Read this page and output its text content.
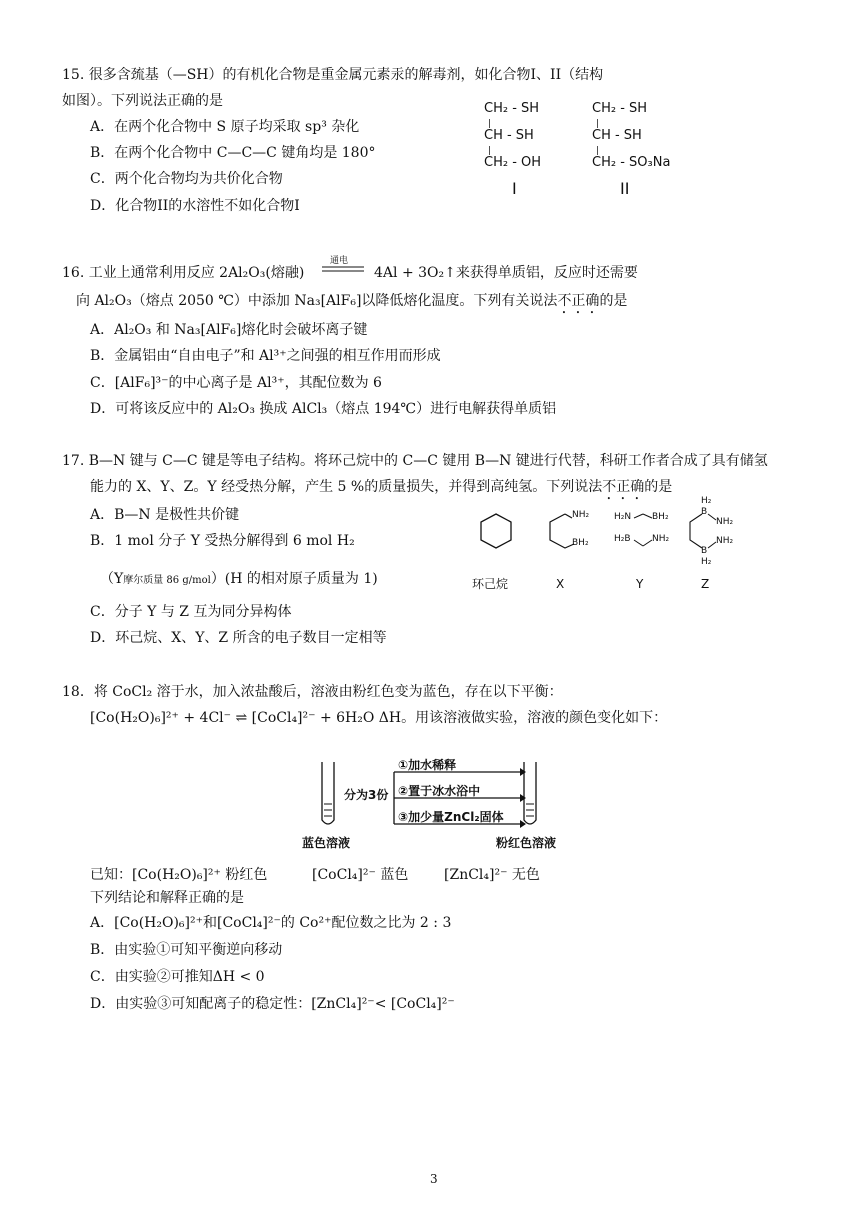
15. 很多含巯基（—SH）的有机化合物是重金属元素汞的解毒剂，如化合物I、II（结构
如图）。下列说法正确的是
A．在两个化合物中 S 原子均采取 sp³ 杂化
B．在两个化合物中 C—C—C 键角均是 180°
C．两个化合物均为共价化合物
D．化合物II的水溶性不如化合物I
CH₂ - SH
|
CH - SH
|
CH₂ - OH
I
CH₂ - SH
|
CH - SH
|
CH₂ - SO₃Na
II
16. 工业上通常利用反应 2Al₂O₃(熔融)
通电
4Al + 3O₂↑来获得单质铝，反应时还需要
向 Al₂O₃（熔点 2050 ℃）中添加 Na₃[AlF₆]以降低熔化温度。下列有关说法不正确的是
A．Al₂O₃ 和 Na₃[AlF₆]熔化时会破坏离子键
B．金属铝由“自由电子”和 Al³⁺之间强的相互作用而形成
C．[AlF₆]³⁻的中心离子是 Al³⁺，其配位数为 6
D．可将该反应中的 Al₂O₃ 换成 AlCl₃（熔点 194℃）进行电解获得单质铝
17. B—N 键与 C—C 键是等电子结构。将环己烷中的 C—C 键用 B—N 键进行代替，科研工作者合成了具有储氢
能力的 X、Y、Z。Y 经受热分解，产生 5 %的质量损失，并得到高纯氢。下列说法不正确的是
A．B—N 是极性共价键
B．1 mol 分子 Y 受热分解得到 6 mol H₂
（Y摩尔质量 86 g/mol）(H 的相对原子质量为 1)
C．分子 Y 与 Z 互为同分异构体
D．环己烷、X、Y、Z 所含的电子数目一定相等
NH₂
BH₂
H₂N BH₂
H₂B NH₂
H₂
B
NH₂
NH₂
B
H₂
环己烷	X	Y	Z
18．将 CoCl₂ 溶于水，加入浓盐酸后，溶液由粉红色变为蓝色，存在以下平衡：
[Co(H₂O)₆]²⁺ + 4Cl⁻ ⇌ [CoCl₄]²⁻ + 6H₂O ΔH。用该溶液做实验，溶液的颜色变化如下：
分为3份
①加水稀释
②置于冰水浴中
③加少量ZnCl₂固体
蓝色溶液	粉红色溶液
已知：[Co(H₂O)₆]²⁺ 粉红色	[CoCl₄]²⁻ 蓝色	[ZnCl₄]²⁻ 无色
下列结论和解释正确的是
A．[Co(H₂O)₆]²⁺和[CoCl₄]²⁻的 Co²⁺配位数之比为 2 : 3
B．由实验①可知平衡逆向移动
C．由实验②可推知ΔH < 0
D．由实验③可知配离子的稳定性：[ZnCl₄]²⁻< [CoCl₄]²⁻
3
